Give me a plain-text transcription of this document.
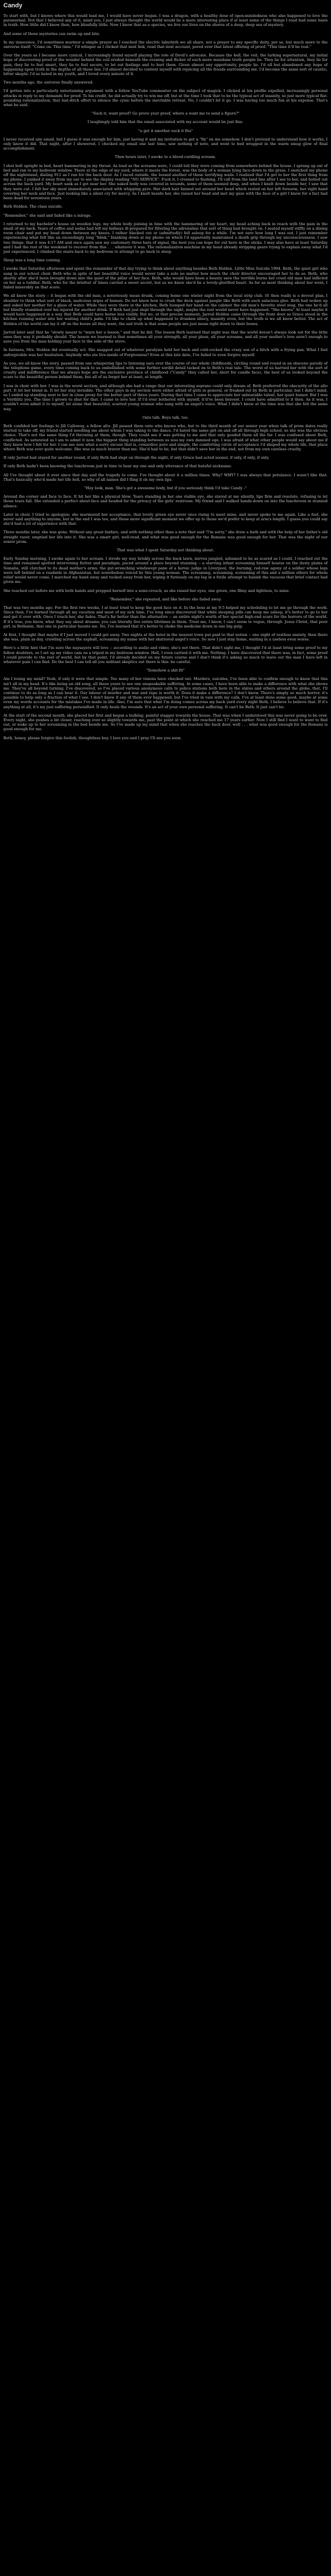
Candy

To start with, but I knows where this would lead me, I would have never begun. I was a dragon, with a healthy dose of open-mindedness who also happened to love the paranormal. Not that I believed any of it, mind you, I just always thought the world would be a more interesting place if at least some of the things I read had some basis in truth. How little did I know then, how blissfully little. Now I know that as a species, we live our lives on the shores of a deep, deep sea of mystery.

And some of those mysteries can swim up and bite.

In my innocence, I'd sometimes murmur a simple prayer as I reached the electric labyrinth we all share, not a prayer to any specific deity, per se, but much more to the universe itself: "Come on. This time." I'd whisper as I clicked that next link, read that next account, pored over that latest offering of proof. "This time it'll be real."

Over the years as I became more cynical, I increasingly found myself playing the role of Devil's advocate. Because the hell, the veil, the lurking supernatural, my initial hope of discovering proof of the wonder behind the veil eroded beneath the evening and flicker of each more mundane truth people lie. They lie for attention, they lie for gain, they lie to feel smart, they lie to feel secure, to let out feelings and to hurt them. Given almost any opportunity, people lie. I'd all but abandoned any hope of happening upon truth in the depths of all those lies. I'd almost decided to content myself with rejoicing all the frauds surrounding me. I'd become the same sort of caustic, bitter skeptic I'd so hated in my youth, and I loved every minute of it.

Two months ago, the universe finally answered.

I'd gotten into a particularly entertaining argument with a fellow YouTube commenter on the subject of magick. I clicked at his profile expelled, increasingly personal attacks in reply to my demands for proof. To his credit, he did actually try to win me off, but at the time I took that to be the typical act of insanity, so just more typical flat-pounding rationalization, that last-ditch effort to silence the cynic before the inevitable retreat. No, I couldn't let it go. I was having too much fun at his expense. That's what he said.

"Suck it, want proof? Go prove your proof, where a want me to send a figure?"

I laughingly told him that the email associated with my account would be just fine.

"u got it smother suck it fita"

I never received any email, but I guess it was enough for him, just having it and my invitation to get a "fix" on me somehow. I don't pretend to understand how it works, I only know it did. That night, after I showered, I checked my email one last time, saw nothing of note, and went to bed wrapped in the warm smug glow of final accomplishment.

Then hours later, I awoke to a blood-curdling scream.

I shot bolt upright in bed, heart hammering in my throat. As loud as the screams were, I could tell they were coming from somewhere behind the house. I sprang up out of bed and ran to my bedroom window. There at the edge of my yard, where it meets the forest, was the body of a woman lying face-down in the grass. I snatched my phone off the nightstand, dialing 911 as I ran for the back door. As I raced outside, the loosed another of those terrifying wails. I realized that I'd get to her the first thing from my phone. I yanked it away from my ear to see the display reading "NO SERVICE". Fuck it, I crossed to flashing, I'll call from the land line after I see to her, and bolted out across the back yard. My heart sank as I got near her. She naked body was covered in wounds, some of them seemed deep, and when I knelt down beside her, I saw that they were cut. I felt her sky most immediately associated with whipping pyre. Her dark hair fanned out around her head which rested on her left forearm, her right hand covering her neck and face. Just looking like a silent cry for mercy. As I knelt beside her, she raised her head and met my gaze with the face of a girl I knew for a fact had been dead for seventeen years.

Beth Holden. The class suicide.

"Remember," she said and faded like a mirage.

I returned to my bachelor's house on wooden legs, my whole body pulsing in time with the hammering of my heart, my head aching back in reach with the pain in the small of my back. Years of coffee and sodas had left my kidneys ill-prepared for filtering the adrenaline that sort of thing had brought on. I seated myself stiffly on a dining room chair and put my head down between my knees. I rather blacked out or (admittedly) fell asleep for a while. I'm not sure how long I was out, I just remember experiencing what felt like an exceedingly long "blink," blanking down at my phone on which I'd apparently maintained a death grip through my unconsciousness. I saw two things: that it was 4:17 AM and once again saw my customary three bars of signal, the best you can hope for out here in the sticks. I may also have at least Saturday and I had the rest of the weekend to recover from this . . . whatever it was. The rationalization machine in my head already stripping gears trying to explain away what I'd just experienced, I climbed the stairs back to my bedroom to attempt to go back to sleep.

Sleep was a long time coming.

I awoke that Saturday afternoon and spent the remainder of that day trying to think about anything besides Beth Holden. Little Miss Suicide 1994. Beth, the quiet girl who sang in our school choir. Beth who in spite of her beautiful voice would never take a solo no matter how much the choir director encouraged her to do so. Beth, who shortly after she'd been brought down into the quiet of the pillar of her face. Beth, who would have been a beauty save the terrible burns her cruel old man had inflicted on her as a toddler. Beth, who for the briefest of times carried a sweet secret, but as we knew she'd be a lovely-glorified heart. As far as most thinking about her went, I failed miserably on that score.

We all knew the story -- it began with the old man, a notoriously mean drunk, coming home one winter night from the local strip club. (It then really is a devout plan, I shudder to think what sort of black, malicious urges of human. Do not know how to crush the deck against people like Beth with each salacious glee. Beth had woken up and asked her mother for a glass of water. While they were there in the kitchen, Beth bumped her hand on the cabinet the old man's favorite steel mug, the one he'd all but blindly stumbled over his injured for another drink. If Beth had just slept through the night, maybe the rest would never have happened. "She knows" At least maybe it would have happened in a way that Beth could have borne less visibly. But no, at that precise moment, Jarrod Holden came through the front door as Grace stood in the kitchen running water into her waiting child's palm. I'd like to chalk up what happened to drunken idiocy, insanity even, but the truth is we all know better. The act of Holden of the world can lay it off on the booze all they want, the sad truth is that some people are just mean right down to their bones.

Jarrod later said that he "slowly meant to "warn her a lesson," and that he did. The lesson Beth learned that night was that the world doesn't always look out for the little ones they way it probably should. The lesson we learned is that sometimes all your strength, all your pleas, all your screams, and all your mother's love aren't enough to save you from the man holding your face to the side of the stove.

In fairness, Mrs. Holden did eventually act. She snapped out of whatever paralysis held her back and cold-cocked the crazy son of a bitch with a frying pan. What I feel unforgivable was her hesitation. Anybody who ate live-inside of Forgiveness? Even at this late date, I've failed to even forgive myself.

As you, we all know the story, passed from one whispering lips to listening ears over the course of our whole childhoods, circling round and round in an obscene parody of the telephone game, every time coming back to us embellished with some further sordid detail tacked on to Beth's real tale. The worst of us harried her with the sort of cruelty and indifference that we always hope are the exclusive province of childhood ("Candy" they called her, short for candle face), the best of us looked beyond the scars to the beautiful person behind them, but all of us forgot her at least, at length.

I was in choir with her. I was in the worst section, and although she had a range that our interesting soprano could only dream of, Beth preferred the obscurity of the alto part. It let her blend in. It let her stay invisible. The other guys in my section were either afraid of girls in general, or freaked out by Beth in particular, but I didn't mind, so I ended up standing next to her in close proxy for the better part of three years. During that time I came to appreciate her unbeatable talent, her quiet humor. But I was a Verdilitz you. The time I grown to shut for that. I came to love her. If I'd ever bothered with myself, it'd've been bravest. I could have admitted to it then. As it was, I couldn't even admit it to myself, let alone that beautiful, scarred young woman who sang with an angel's voice. What I didn't know at the time was that she felt the same way.

Oats talk. Boys talk, too.

Beth confided her feelings to Jill Calloway, a fellow alto. Jill passed them onto who knows who, but to the third month of our senior year when talk of prom dates really started to take off, my friend started needling me about whom I was taking to the dance. I'd hated the same girl on and off all through high school, so she was the obvious choice. That's not the same thing I'd throwing at them, though. They could see it was getting to me and that only goaded them all the far. I was confused about Beth, conflicted. As saturated as I am to admit it now, the biggest thing standing between us was my own damned ego. I was afraid of what other people would say about me if they knew how I felt for her. I can see now what a sorry excuse that is, cowardice pure and simple, the comforting circle of acceptance I'd shaped my whole life, that place where Beth was ever quite welcome. She was so much braver than me. She'd had to be, but that didn't save her in the end, not from my own careless cruelty.

If only Jarrod had stayed for another round, if only Beth had slept on through the night, if only Grace had acted sooner, if only, if only, if only.

If only Beth hadn't been knowing the lunchroom just in time to hear my one and only utterance of that hateful nickname.

All I've thought about it ever since that day and the tragedy to come. I've thought about it a million times. Why? WHY? I was always that petulance. I wasn't like that. That's basically who'd made her life hell, so why of all names did I fling it on my own lips.

"Hey look, man. She's got a awesome body, but if you seriously think I'd take Candy -"

Around the corner and face to face. It hit her like a physical blow. Tears standing in her one visible eye, she stared at me silently, lips firm and resolute, refusing to let those tears fall. She extended a perfect about-face and headed for the privacy of the girls' restroom. My friend and I walked hands-down on into the lunchroom in stunned silence.

Later in choir, I tried to apologize; she murmured her acceptance, that lovely green eye never once rising to meet mine, and never spoke to me again. Like a fool, she never said anything to anyone, but in the end I was too, and those more significant moment we offer up to those we'd prefer to keep at arm's length. I guess you could say she'd had a lot of experience with that.

Three months later, she was gone. Without any great fanfare, and with nothing other than a note that said "I'm sorry," she drew a bath and with the help of her father's old straight razor, emptied her life into it. She was a smart girl, well-read, and what was good enough for the Romans was good enough for her. That was the night of our senior prom.

That was what I spent Saturday not thinking about.

Early Sunday morning, I awoke again to her scream. I strode my way briskly across the back lawn, nerves jangled, ashamed to be as scared as I could. I reached out the time and remained spotted intervening flutter and paradigm, paced around a place beyond stunning -- a starving infant screaming himself hoarse on the dusty plains of Somalia, still clutched to its dead mother's arms; the gut-wrenching windswept pane of a heroic judge in Liverpool, the burning, red-raw agony of a soldier whose legs were left behind on a roadside in Afghanistan, but nonetheless voiced by this young woman. The screaming, screaming, screaming of this and a million others for whom relief would never come. I marched my hand away and tucked away from her, wiping it furiously on my leg in a futile attempt to banish the vacuous that brief contact had given me.

She reached out before me with both hands and propped herself into a semi-crouch, as she raised her eyes, one green, one filmy and lightless, to mine.

"Remember," she repeated, and like before she faded away.

That was two months ago. For the first two weeks, I at least tried to keep the good face on it. In the boss at my 9-5 helped my scheduling to let me go through the work. Since then, I've burned through all my vacation and most of my sick time. I've long since discovered that while sleeping pills can keep me asleep, it's better to go to her and get it over with. Once I touch her, she fades. That's far better than the alternative -- an entire night's worth of her special high-end scars for the horrors of the world. If it's true, you know, what they say about dreams: you can literally live entire lifetimes in them. Trust me, I know, I can't seem to vogue, through. Jesus Christ, that poor girl, in Bethanie, that one in particular haunts me. No, I've learned that it's better to choke the medicine down in one big gulp.

At first, I thought that maybe if I just moved I could get away. Two nights at the hotel in the nearest town put paid to that notion -- one night of restless anxiety, then there she was, plain as day, crawling across the asphalt, screaming my name with her shattered angel's voice. So now I just stay home, waiting in a useless even worse.

Here's a little hint that I'm sure the naysayers will love -- according to audio and video, she's not there. That didn't sight me, I thought I'd at least bring some proof to my fellow doubters, so I set up my video cam on a tripod in my bedroom window. Hell, I even carried it with me. Nothing. I have discovered that there was, in fact, some proof I could provide to the rest of world, but by that point, I'd already decided on my future course and I don't think it's asking so much to leave out the man I have left in whatever pain I can find. Do the best I can tell all you militant skeptics out there is this: be careful.

"Somehow a shit-fit"

Am I losing my mind? Yeah, if only it were that simple. Too many of her visions have checked out. Murders, suicides, I've been able to confirm enough to know that this isn't all in my head. It's like being an old song, all these years to see one unspeakable suffering. In some cases, I have been able to make a difference with what she shows me. They've all beyond turning, I've discovered, so I've placed various anonymous calls to police stations both here in the states and others around the globe, that, I'll continue to do as long as I can bear it. Our labour of murder and war and rape is worth it. Does it make a difference? I don't know. There's simply so much horror, it's possible to help only a fraction of what I see. I don't know if any of them ever happened, but I've tried in vain with my calls. I've at least done some good, maybe at some even my words accounts for the mistakes I've made in life. Also, I'm sure that what I'm doing comes across my back yard every night Beth, I believe to believe that. If it's anything at all, it's my just suffering personified. It only heals the wounds. It's an act of your own personal suffering. It can't be Beth. It just can't be.

At the start of the second month, she placed her first and began a bulbing, painful stagger towards the house. That was when I understood this was never going to be over. Every night, she pushes a bit closer, reaching ever so slightly towards me, past the point at which she reached me 17 years earlier. Now I still find I want to want to find out, or wake up to her screaming in the bed beside me. So I've made up my mind that when she reaches the back door, well . . . what was good enough for the Romans is good enough for me.

Beth, honey, please forgive this foolish, thoughtless boy. I love you and I pray I'll see you soon.
